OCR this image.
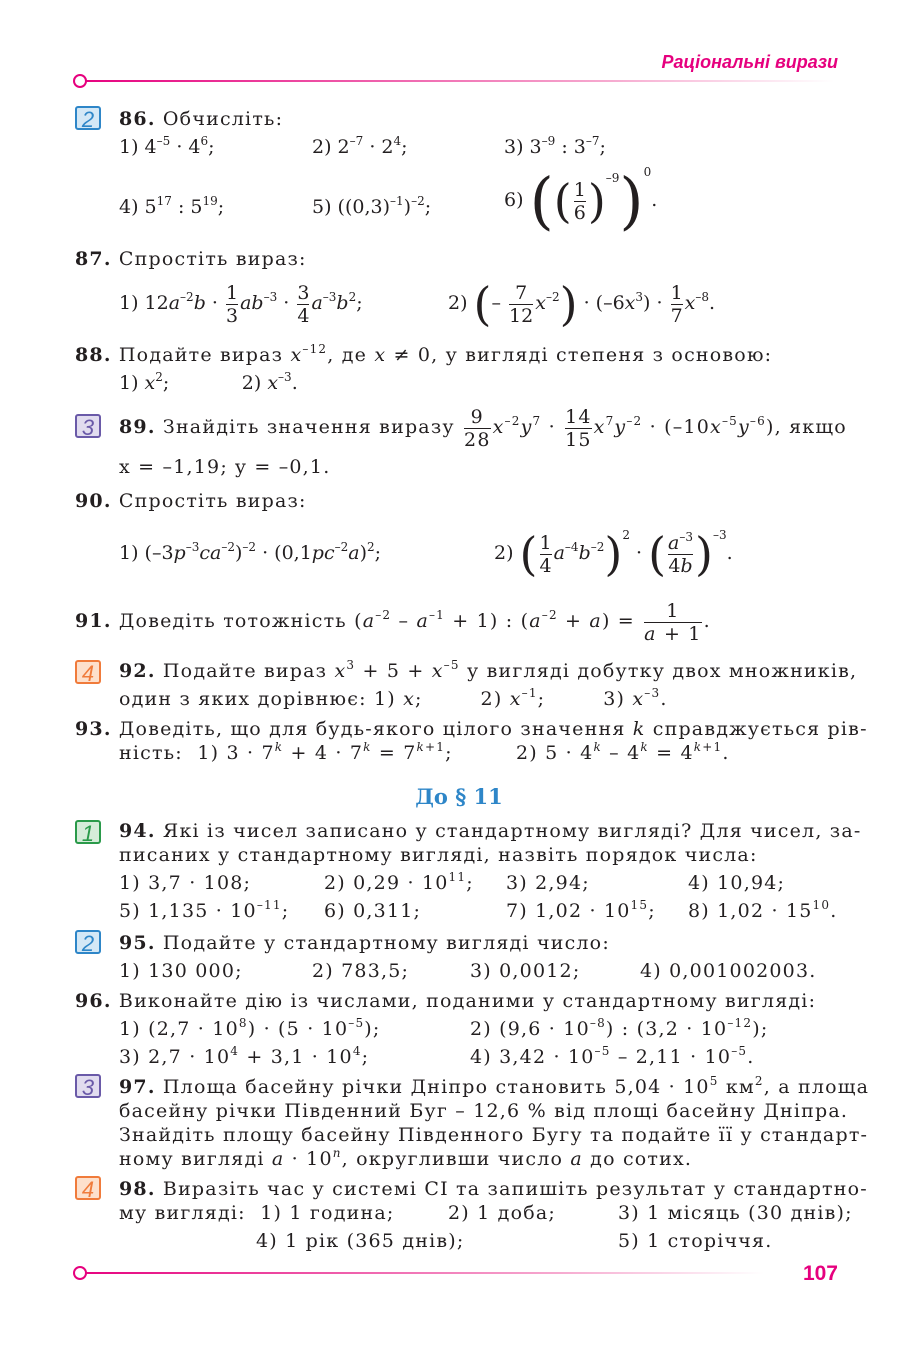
Раціональні вирази
2	86. Обчисліть:
1) $4^{-5} \cdot 4^6$;	2) $2^{-7} \cdot 2^4$;	3) $3^{-9}$ : $3^{-7}$;
4) $5^{17}$ : $5^{19}$;	5) $((0,3)^{-1})^{-2}$;	6) (( $\frac{1}{6} )^{-9})^0$.
87. Спростіть вираз:
1) $12a^{-2}b \cdot \frac{1}{3} ab^{-3} \cdot \frac{3}{4} a^{-3}b^2$;	2) (– $\frac{7}{12} x^{-2}) \cdot (-6x^3) \cdot \frac{1}{7} x^{-8}$.
88. Подайте вираз $x^{-12}$, де x ≠ 0, у вигляді степеня з основою:
1) $x^2$;            2) $x^{-3}$.
3	89. Знайдіть значення виразу $\frac{9}{28} x^{-2}y^7 \cdot \frac{14}{15} x^7y^{-2} \cdot (-10x^{-5}y^{-6})$, якщо
x = –1,19; y = –0,1.
90. Спростіть вираз:
1) $(-3p^{-3}ca^{-2})^{-2} \cdot (0,1pc^{-2}a)^2$;	2) ( $\frac{1}{4} a^{-4}b^{-2})^2$ · ( $\frac{a^{-3}}{4b} )^{-3}$.
91. Доведіть тотожність $(a^{-2} - a^{-1} + 1)$ : $(a^{-2} + a) = \frac{1}{a + 1}$ .
4	92. Подайте вираз $x^3 + 5 + x^{-5}$ у вигляді добутку двох множників,
один з яких дорівнює: 1) x;        2) $x^{-1}$;        3) $x^{-3}$.
93. Доведіть, що для будь-якого цілого значення k справджується рів-
ність:  1) $3 \cdot 7^k + 4 \cdot 7^k = 7^{k+1}$;	2) $5 \cdot 4^k - 4^k = 4^{k+1}$.
До § 11
1	94. Які із чисел записано у стандартному вигляді? Для чисел, за-
писаних у стандартному вигляді, назвіть порядок числа:
1) 3,7 · 108;	2) $0,29 \cdot 10^{11}$; 3) 2,94;	4) 10,94;
5) $1,135 \cdot 10^{-11}$; 6) 0,311;	7) $1,02 \cdot 10^{15}$; 8) $1,02 \cdot 15^{10}$.
2	95. Подайте у стандартному вигляді число:
1) 130 000;	2) 783,5;	3) 0,0012;	4) 0,001002003.
96. Виконайте дію із числами, поданими у стандартному вигляді:
1) $(2,7 \cdot 10^8) \cdot (5 \cdot 10^{-5})$;	2) $(9,6 \cdot 10^{-8})$ : $(3,2 \cdot 10^{-12})$;
3) $2,7 \cdot 10^4 + 3,1 \cdot 10^4$;	4) $3,42 \cdot 10^{-5} - 2,11 \cdot 10^{-5}$.
3	97. Площа басейну річки Дніпро становить $5,04 \cdot 10^5$ $км^2$, а площа
басейну річки Південний Буг – 12,6 % від площі басейну Дніпра.
Знайдіть площу басейну Південного Бугу та подайте її у стандарт-
ному вигляді $a \cdot 10^n$, округливши число a до сотих.
4	98. Виразіть час у системі СІ та запишіть результат у стандартно-
му вигляді: 1) 1 година;	2) 1 доба;	3) 1 місяць (30 днів);
4) 1 рік (365 днів);	5) 1 сторіччя.
107
